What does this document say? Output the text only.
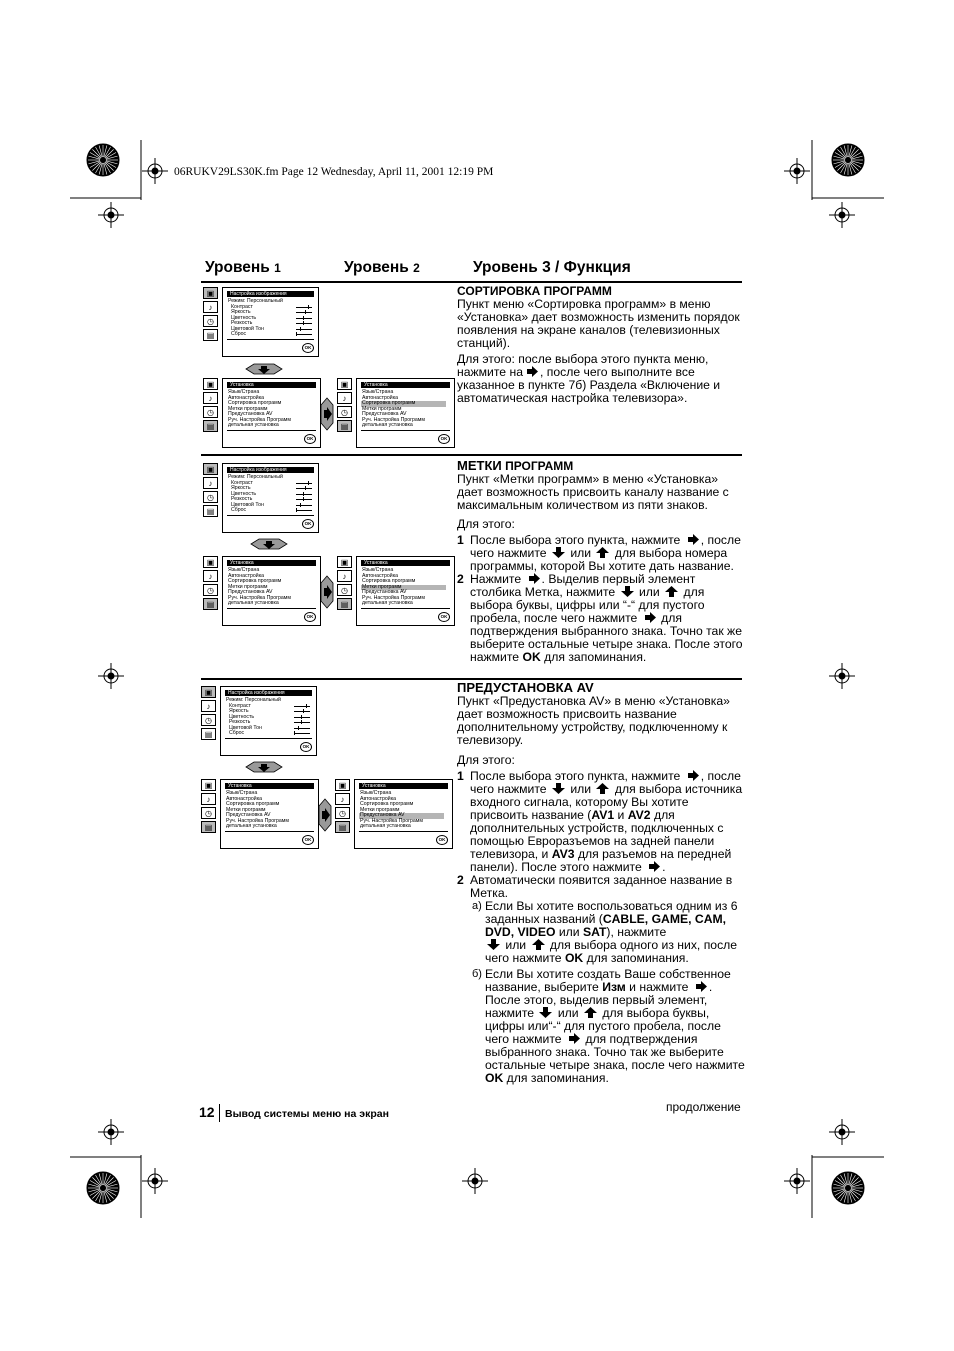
06RUKV29LS30K.fm Page 12 Wednesday, April 11, 2001 12:19 PM
Уровень 1	Уровень 2	Уровень 3 / Функция
▣
♪
◷
▤
Настройка изображения
Режим: Персональный
Контраст
Яркость
Цветность
Резкость
Цветовой Тон
Сброс
OK
▣
♪
◷
▤
Установка
Язык/Страна
Автонастройка
Сортировка программ
Метки программ
Предустановка AV
Руч. Настройка Программ
детальная установка
OK
▣
♪
◷
▤
Установка
Язык/Страна
Автонастройка
Сортировка программ
Метки программ
Предустановка AV
Руч. Настройка Программ
детальная установка
OK
▣
♪
◷
▤
Настройка изображения
Режим: Персональный
Контраст
Яркость
Цветность
Резкость
Цветовой Тон
Сброс
OK
▣
♪
◷
▤
Установка
Язык/Страна
Автонастройка
Сортировка программ
Метки программ
Предустановка AV
Руч. Настройка Программ
детальная установка
OK
▣
♪
◷
▤
Установка
Язык/Страна
Автонастройка
Сортировка программ
Метки программ
Предустановка AV
Руч. Настройка Программ
детальная установка
OK
▣
♪
◷
▤
Настройка изображения
Режим: Персональный
Контраст
Яркость
Цветность
Резкость
Цветовой Тон
Сброс
OK
▣
♪
◷
▤
Установка
Язык/Страна
Автонастройка
Сортировка программ
Метки программ
Предустановка AV
Руч. Настройка Программ
детальная установка
OK
▣
♪
◷
▤
Установка
Язык/Страна
Автонастройка
Сортировка программ
Метки программ
Предустановка AV
Руч. Настройка Программ
детальная установка
OK

СОРТИРОВКА ПРОГРАММ

Пункт меню «Сортировка программ» в меню «Установка» дает возможность изменить порядок появления на экране каналов (телевизионных станций).

Для этого: после выбора этого пункта меню, нажмите на , после чего выполните все указанное в пункте 7б) Раздела «Включение и автоматическая настройка телевизора».

МЕТКИ ПРОГРАММ

Пункт «Метки программ» в меню «Установка» дает возможность присвоить каналу название с максимальным количеством из пяти знаков.

Для этого:

1 После выбора этого пункта, нажмите , после чего нажмите или для выбора номера программы, которой Вы хотите дать название.
2 Нажмите . Выделив первый элемент столбика Метка, нажмите или для выбора буквы, цифры или “-“ для пустого пробела, после чего нажмите для подтверждения выбранного знака. Точно так же выберите остальные четыре знака. После этого нажмите OK для запоминания.

ПРЕДУСТАНОВКА AV

Пункт «Предустановка AV» в меню «Установка» дает возможность присвоить название дополнительному устройству, подключенному к телевизору.

Для этого:

1 После выбора этого пункта, нажмите , после чего нажмите или для выбора источника входного сигнала, которому Вы хотите присвоить название (AV1 и AV2 для дополнительных устройств, подключенных с помощью Евроразъемов на задней панели телевизора, и AV3 для разъемов на передней панели). После этого нажмите .
2 Автоматически появится заданное название в Метка.
а) Если Вы хотите воспользоваться одним из 6 заданных названий (CABLE, GAME, CAM, DVD, VIDEO или SAT), нажмите
или для выбора одного из них, после чего нажмите OK для запоминания.
б) Если Вы хотите создать Ваше собственное название, выберите Изм и нажмите . После этого, выделив первый элемент, нажмите или для выбора буквы, цифры или“-“ для пустого пробела, после чего нажмите для подтверждения выбранного знака. Точно так же выберите остальные четыре знака, после чего нажмите OK для запоминания.
12 Вывод системы меню на экран	продолжение
